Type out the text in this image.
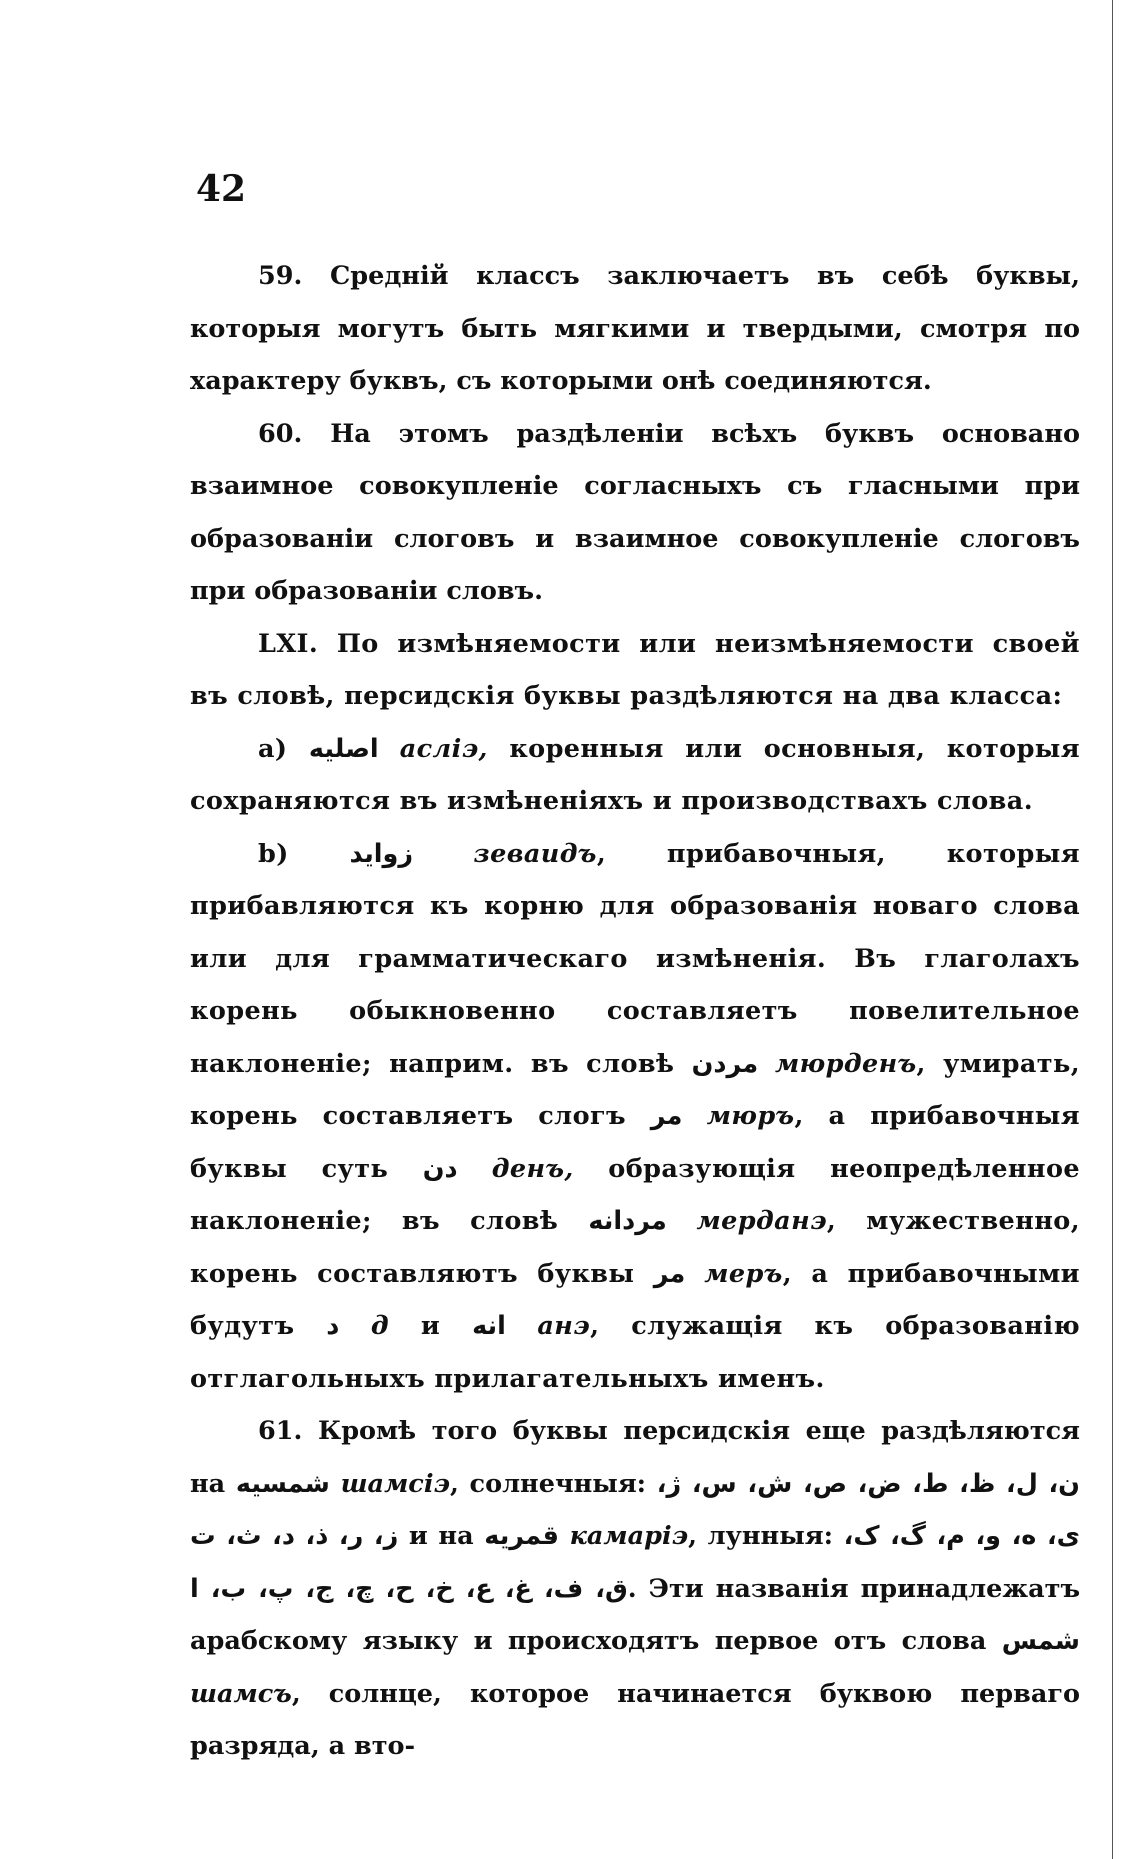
42

59. Средній классъ заключаетъ въ себѣ буквы, которыя могутъ быть мягкими и твердыми, смотря по характеру буквъ, съ которыми онѣ соединяются.

60. На этомъ раздѣленіи всѣхъ буквъ основано взаимное совокупленіе согласныхъ съ гласными при образованіи слоговъ и взаимное совокупленіе слоговъ при образованіи словъ.

LXI. По измѣняемости или неизмѣняемости своей въ словѣ, персидскія буквы раздѣляются на два класса:

a) اصليه аслiэ, коренныя или основныя, которыя сохраняются въ измѣненіяхъ и производствахъ слова.

b) زوايد зеваидъ, прибавочныя, которыя прибавляются къ корню для образованія новаго слова или для грамматическаго измѣненія. Въ глаголахъ корень обыкновенно составляетъ повелительное наклоненіе; наприм. въ словѣ مردن мюрденъ, умирать, корень составляетъ слогъ مر мюръ, а прибавочныя буквы суть دن денъ, образующія неопредѣленное наклоненіе; въ словѣ مردانه мерданэ, мужественно, корень составляютъ буквы مر меръ, а прибавочными будутъ د д и انه анэ, служащія къ образованію отглагольныхъ прилагательныхъ именъ.

61. Кромѣ того буквы персидскія еще раздѣляются на شمسيه шамсiэ, солнечныя: ن، ل، ظ، ط، ض، ص، ش، س، ژ، ز، ر، ذ، د، ث، ت и на قمريه камарiэ, лунныя: ی، ه، و، م، گ، ک، ق، ف، غ، ع، خ، ح، چ، ج، پ، ب، ا. Эти названія принадлежатъ арабскому языку и происходятъ первое отъ слова شمس шамсъ, солнце, которое начинается буквою перваго разряда, а вто-
